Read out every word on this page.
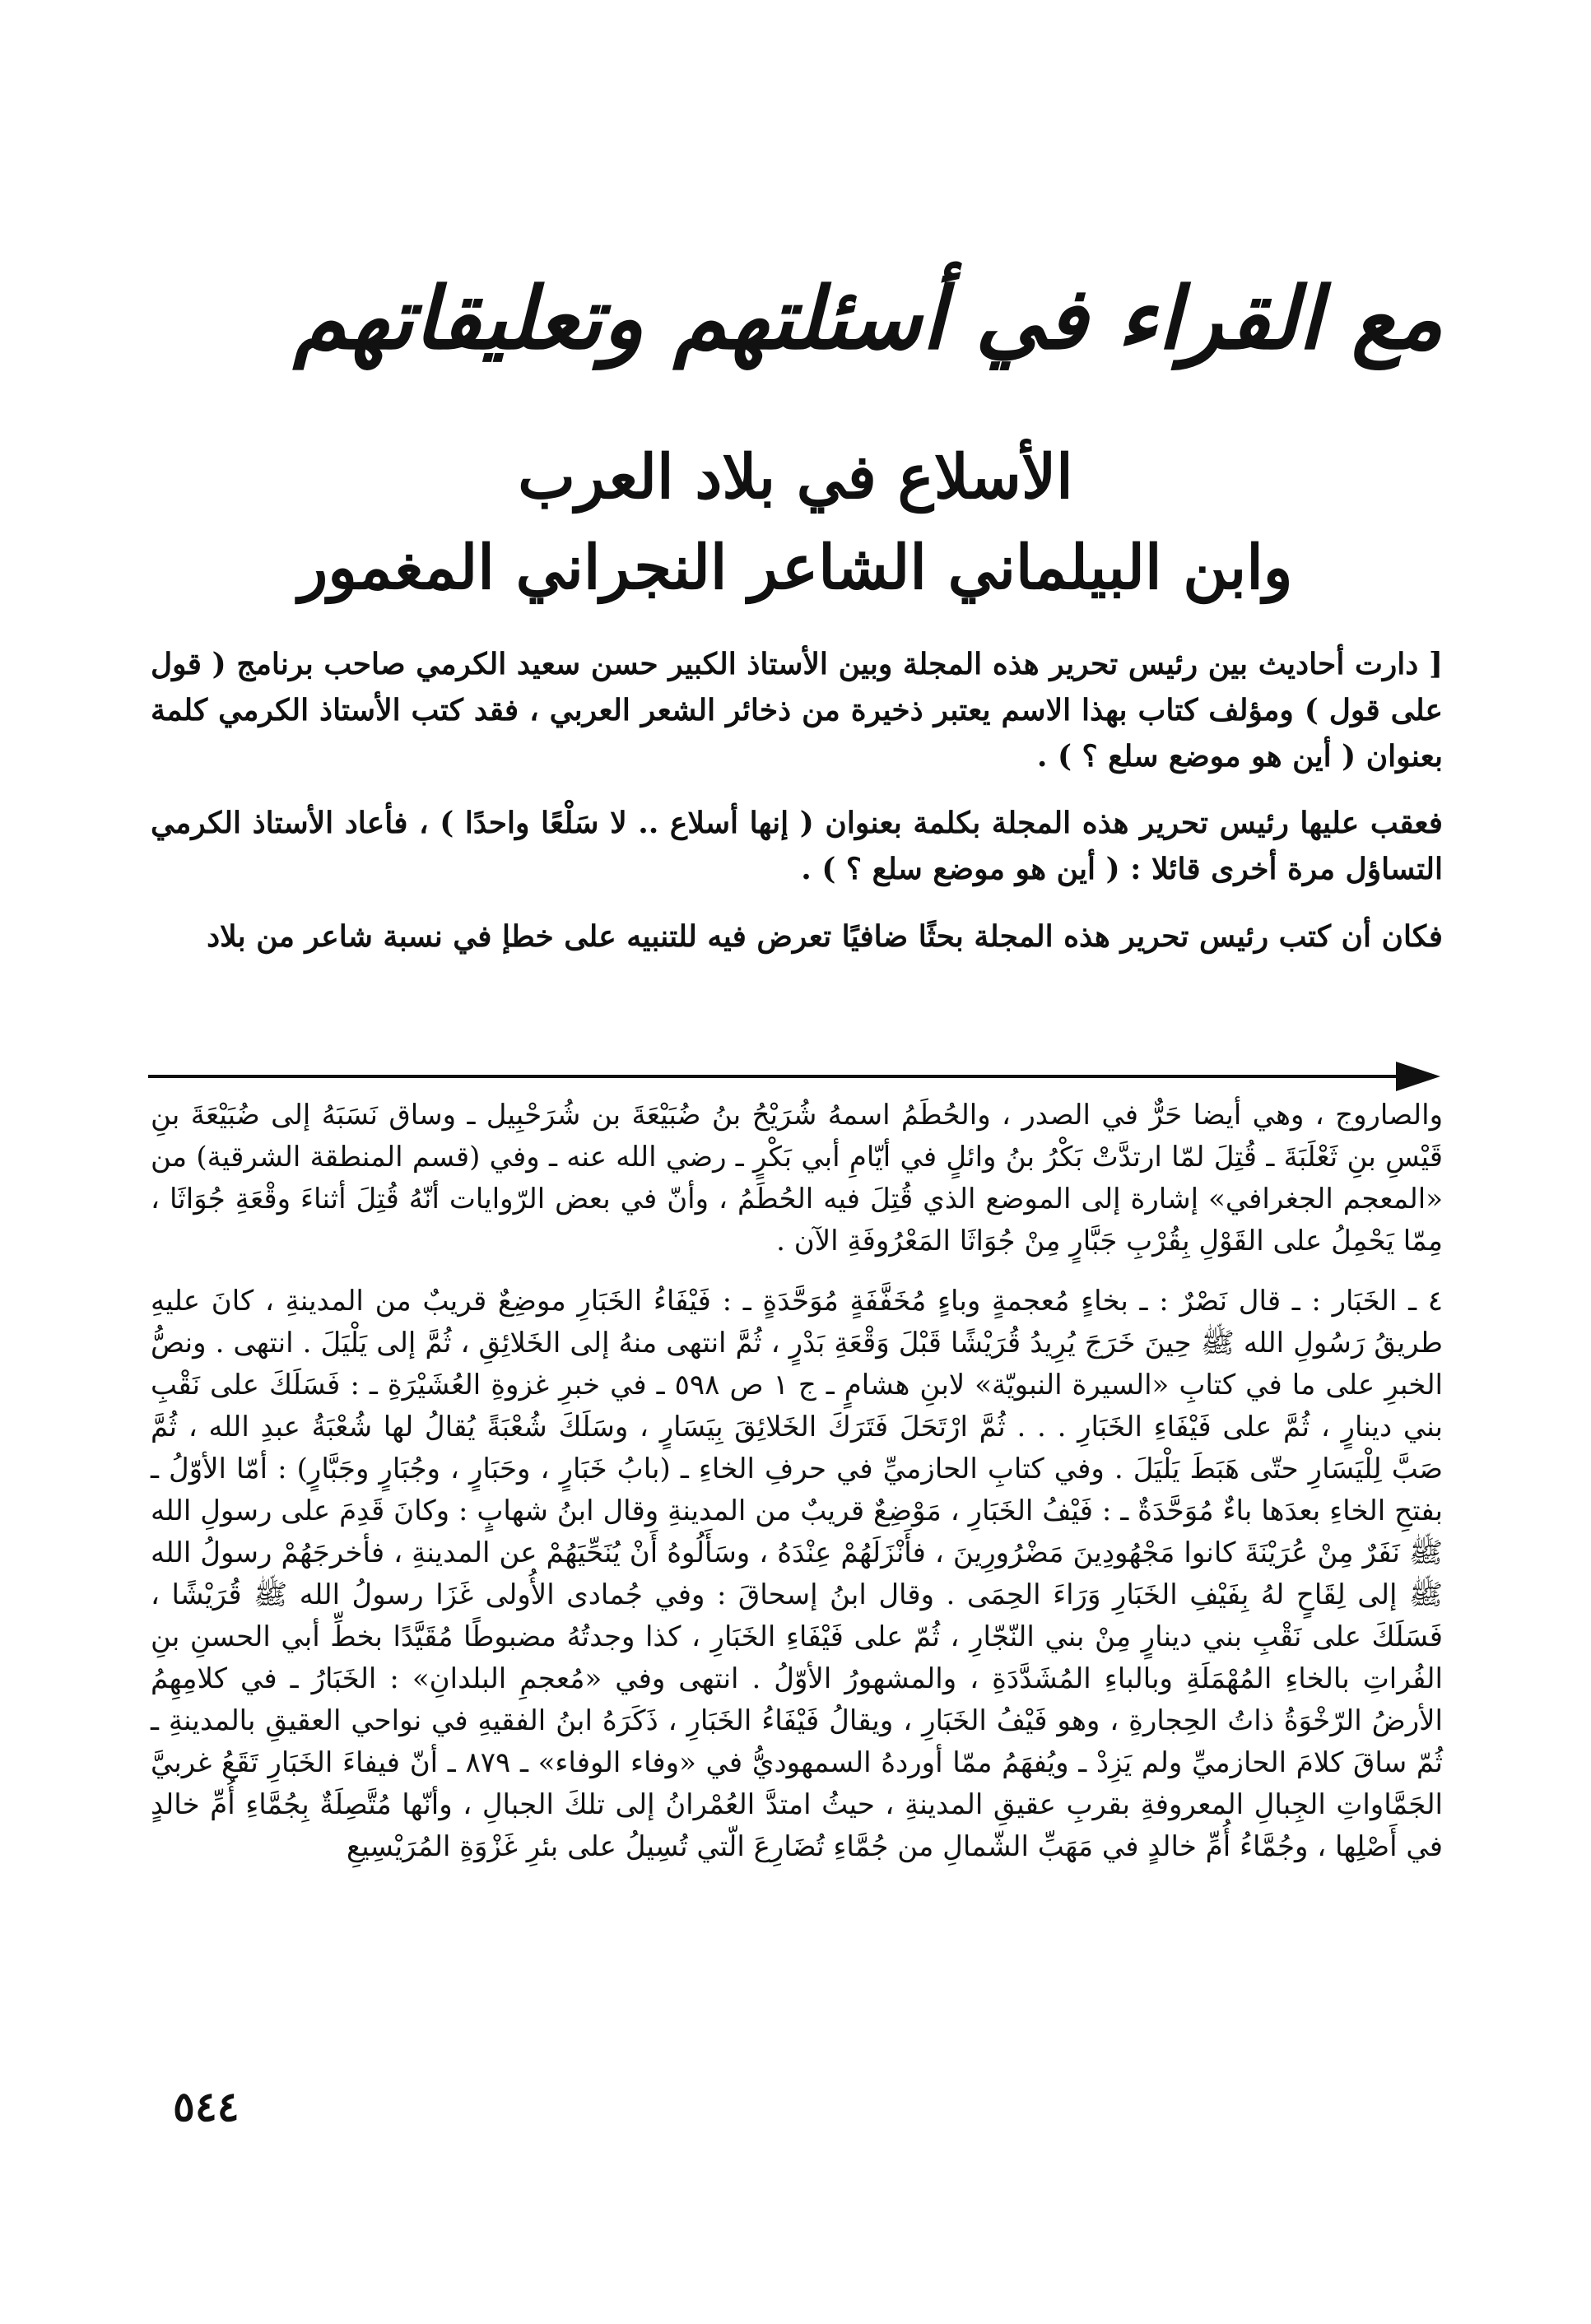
مع القراء في أسئلتهم وتعليقاتهم
الأسلاع في بلاد العرب
وابن البيلماني الشاعر النجراني المغمور

[ دارت أحاديث بين رئيس تحرير هذه المجلة وبين الأستاذ الكبير حسن سعيد الكرمي صاحب برنامج ( قول على قول ) ومؤلف كتاب بهذا الاسم يعتبر ذخيرة من ذخائر الشعر العربي ، فقد كتب الأستاذ الكرمي كلمة بعنوان ( أين هو موضع سلع ؟ ) .

فعقب عليها رئيس تحرير هذه المجلة بكلمة بعنوان ( إنها أسلاع .. لا سَلْعًا واحدًا ) ، فأعاد الأستاذ الكرمي التساؤل مرة أخرى قائلا : ( أين هو موضع سلع ؟ ) .

فكان أن كتب رئيس تحرير هذه المجلة بحثًا ضافيًا تعرض فيه للتنبيه على خطإ في نسبة شاعر من بلاد

والصاروج ، وهي أيضا حَرٌّ في الصدر ، والحُطَمُ اسمهُ شُرَيْحُ بنُ ضُبَيْعَةَ بن شُرَحْبِيل ـ وساق نَسَبَهُ إلى ضُبَيْعَةَ بنِ قَيْسِ بنِ ثَعْلَبَةَ ـ قُتِلَ لمّا ارتدَّتْ بَكْرُ بنُ وائلٍ في أيّامِ أبي بَكْرٍ ـ رضي الله عنه ـ وفي (قسم المنطقة الشرقية) من «المعجم الجغرافي» إشارة إلى الموضع الذي قُتِلَ فيه الحُطَمُ ، وأنّ في بعض الرّوايات أنّهُ قُتِلَ أثناءَ وقْعَةِ جُوَاثَا ، مِمّا يَحْمِلُ على القَوْلِ بِقُرْبِ جَبَّارٍ مِنْ جُوَاثَا المَعْرُوفَةِ الآن .

٤ ـ الخَبَار : ـ قال نَصْرٌ : ـ بخاءٍ مُعجمةٍ وباءٍ مُخَفَّفَةٍ مُوَحَّدَةٍ ـ : فَيْفَاءُ الخَبَارِ موضِعٌ قريبٌ من المدينةِ ، كانَ عليهِ طريقُ رَسُولِ الله ﷺ حِينَ خَرَجَ يُرِيدُ قُرَيْشًا قَبْلَ وَقْعَةِ بَدْرٍ ، ثُمَّ انتهى منهُ إلى الخَلائِقِ ، ثُمَّ إلى يَلْيَلَ . انتهى . ونصُّ الخبرِ على ما في كتابِ «السيرة النبويّة» لابنِ هشامٍ ـ ج ١ ص ٥٩٨ ـ في خبرِ غزوةِ العُشَيْرَةِ ـ : فَسَلَكَ على نَقْبِ بني دينارٍ ، ثُمَّ على فَيْفَاءِ الخَبَارِ . . . ثُمَّ ارْتَحَلَ فَتَرَكَ الخَلائِقَ بِيَسَارٍ ، وسَلَكَ شُعْبَةً يُقالُ لها شُعْبَةُ عبدِ الله ، ثُمَّ صَبَّ لِلْيَسَارِ حتّى هَبَطَ يَلْيَلَ . وفي كتابِ الحازميِّ في حرفِ الخاءِ ـ (بابُ خَبَارٍ ، وحَبَارٍ ، وجُبَارٍ وجَبَّارٍ) : أمّا الأوّلُ ـ بفتحِ الخاءِ بعدَها باءٌ مُوَحَّدَةٌ ـ : فَيْفُ الخَبَارِ ، مَوْضِعٌ قريبٌ من المدينةِ وقال ابنُ شهابٍ : وكانَ قَدِمَ على رسولِ الله ﷺ نَفَرٌ مِنْ عُرَيْنَةَ كانوا مَجْهُودِينَ مَضْرُورِينَ ، فأَنْزَلَهُمْ عِنْدَهُ ، وسَأَلُوهُ أَنْ يُنَحِّيَهُمْ عن المدينةِ ، فأخرجَهُمْ رسولُ الله ﷺ إلى لِقَاحٍ لهُ بِفَيْفِ الخَبَارِ وَرَاءَ الحِمَى . وقال ابنُ إسحاقَ : وفي جُمادى الأُولى غَزَا رسولُ الله ﷺ قُرَيْشًا ، فَسَلَكَ على نَقْبِ بني دينارٍ مِنْ بني النّجّارِ ، ثُمّ على فَيْفَاءِ الخَبَارِ ، كذا وجدتُهُ مضبوطًا مُقَيَّدًا بخطِّ أبي الحسنِ بنِ الفُراتِ بالخاءِ المُهْمَلَةِ وبالباءِ المُشَدَّدَةِ ، والمشهورُ الأوّلُ . انتهى وفي «مُعجمِ البلدانِ» : الخَبَارُ ـ في كلامِهِمُ الأرضُ الرّخْوَةُ ذاتُ الحِجارةِ ، وهو فَيْفُ الخَبَارِ ، ويقالُ فَيْفَاءُ الخَبَارِ ، ذَكَرَهُ ابنُ الفقيهِ في نواحي العقيقِ بالمدينةِ ـ ثُمّ ساقَ كلامَ الحازميِّ ولم يَزِدْ ـ ويُفهَمُ ممّا أوردهُ السمهوديُّ في «وفاء الوفاء» ـ ٨٧٩ ـ أنّ فيفاءَ الخَبَارِ تَقَعُ غربيَّ الجَمَّاواتِ الجِبالِ المعروفةِ بقربِ عقيقِ المدينةِ ، حيثُ امتدَّ العُمْرانُ إلى تلكَ الجبالِ ، وأنّها مُتَّصِلَةٌ بِجُمَّاءِ أُمِّ خالدٍ في أَصْلِها ، وجُمَّاءُ أُمِّ خالدٍ في مَهَبِّ الشّمالِ من جُمَّاءِ تُضَارِعَ الّتي تُسِيلُ على بئرِ غَزْوَةِ المُرَيْسِيعِ

٥٤٤
